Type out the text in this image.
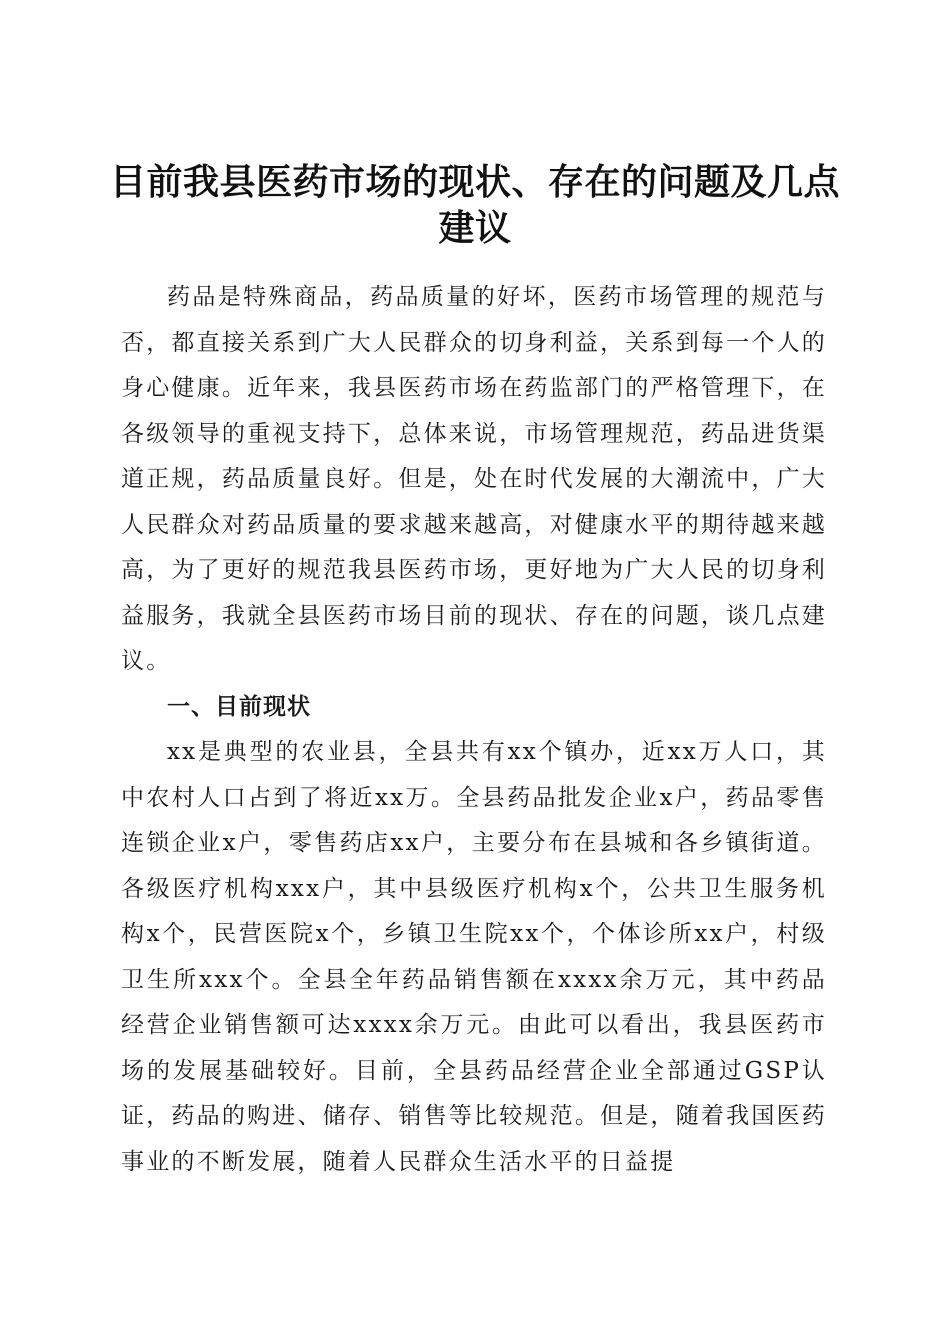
目前我县医药市场的现状、存在的问题及几点建议

药品是特殊商品，药品质量的好坏，医药市场管理的规范与否，都直接关系到广大人民群众的切身利益，关系到每一个人的身心健康。近年来，我县医药市场在药监部门的严格管理下，在各级领导的重视支持下，总体来说，市场管理规范，药品进货渠道正规，药品质量良好。但是，处在时代发展的大潮流中，广大人民群众对药品质量的要求越来越高，对健康水平的期待越来越高，为了更好的规范我县医药市场，更好地为广大人民的切身利益服务，我就全县医药市场目前的现状、存在的问题，谈几点建议。

一、目前现状

xx是典型的农业县，全县共有xx个镇办，近xx万人口，其中农村人口占到了将近xx万。全县药品批发企业x户，药品零售连锁企业x户，零售药店xx户，主要分布在县城和各乡镇街道。各级医疗机构xxx户，其中县级医疗机构x个，公共卫生服务机构x个，民营医院x个，乡镇卫生院xx个，个体诊所xx户，村级卫生所xxx个。全县全年药品销售额在xxxx余万元，其中药品经营企业销售额可达xxxx余万元。由此可以看出，我县医药市场的发展基础较好。目前，全县药品经营企业全部通过GSP认证，药品的购进、储存、销售等比较规范。但是，随着我国医药事业的不断发展，随着人民群众生活水平的日益提
